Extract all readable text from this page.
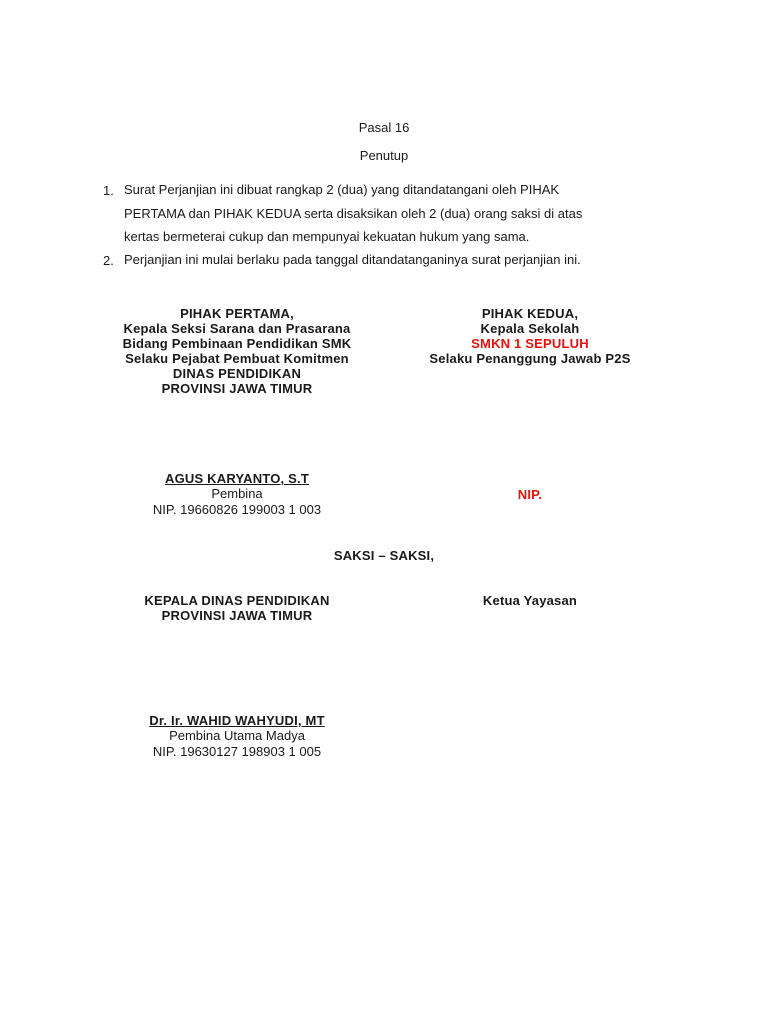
Pasal 16
Penutup
1. Surat Perjanjian ini dibuat rangkap 2 (dua) yang ditandatangani oleh PIHAK
PERTAMA dan PIHAK KEDUA serta disaksikan oleh 2 (dua) orang saksi di atas
kertas bermeterai cukup dan mempunyai kekuatan hukum yang sama.
2. Perjanjian ini mulai berlaku pada tanggal ditandatanganinya surat perjanjian ini.
PIHAK PERTAMA,
Kepala Seksi Sarana dan Prasarana
Bidang Pembinaan Pendidikan SMK
Selaku Pejabat Pembuat Komitmen
DINAS PENDIDIKAN
PROVINSI JAWA TIMUR
PIHAK KEDUA,
Kepala Sekolah
SMKN 1 SEPULUH
Selaku Penanggung Jawab P2S
AGUS KARYANTO, S.T
Pembina
NIP. 19660826 199003 1 003
NIP.
SAKSI – SAKSI,
KEPALA DINAS PENDIDIKAN
PROVINSI JAWA TIMUR
Ketua Yayasan
Dr. Ir. WAHID WAHYUDI, MT
Pembina Utama Madya
NIP. 19630127 198903 1 005
